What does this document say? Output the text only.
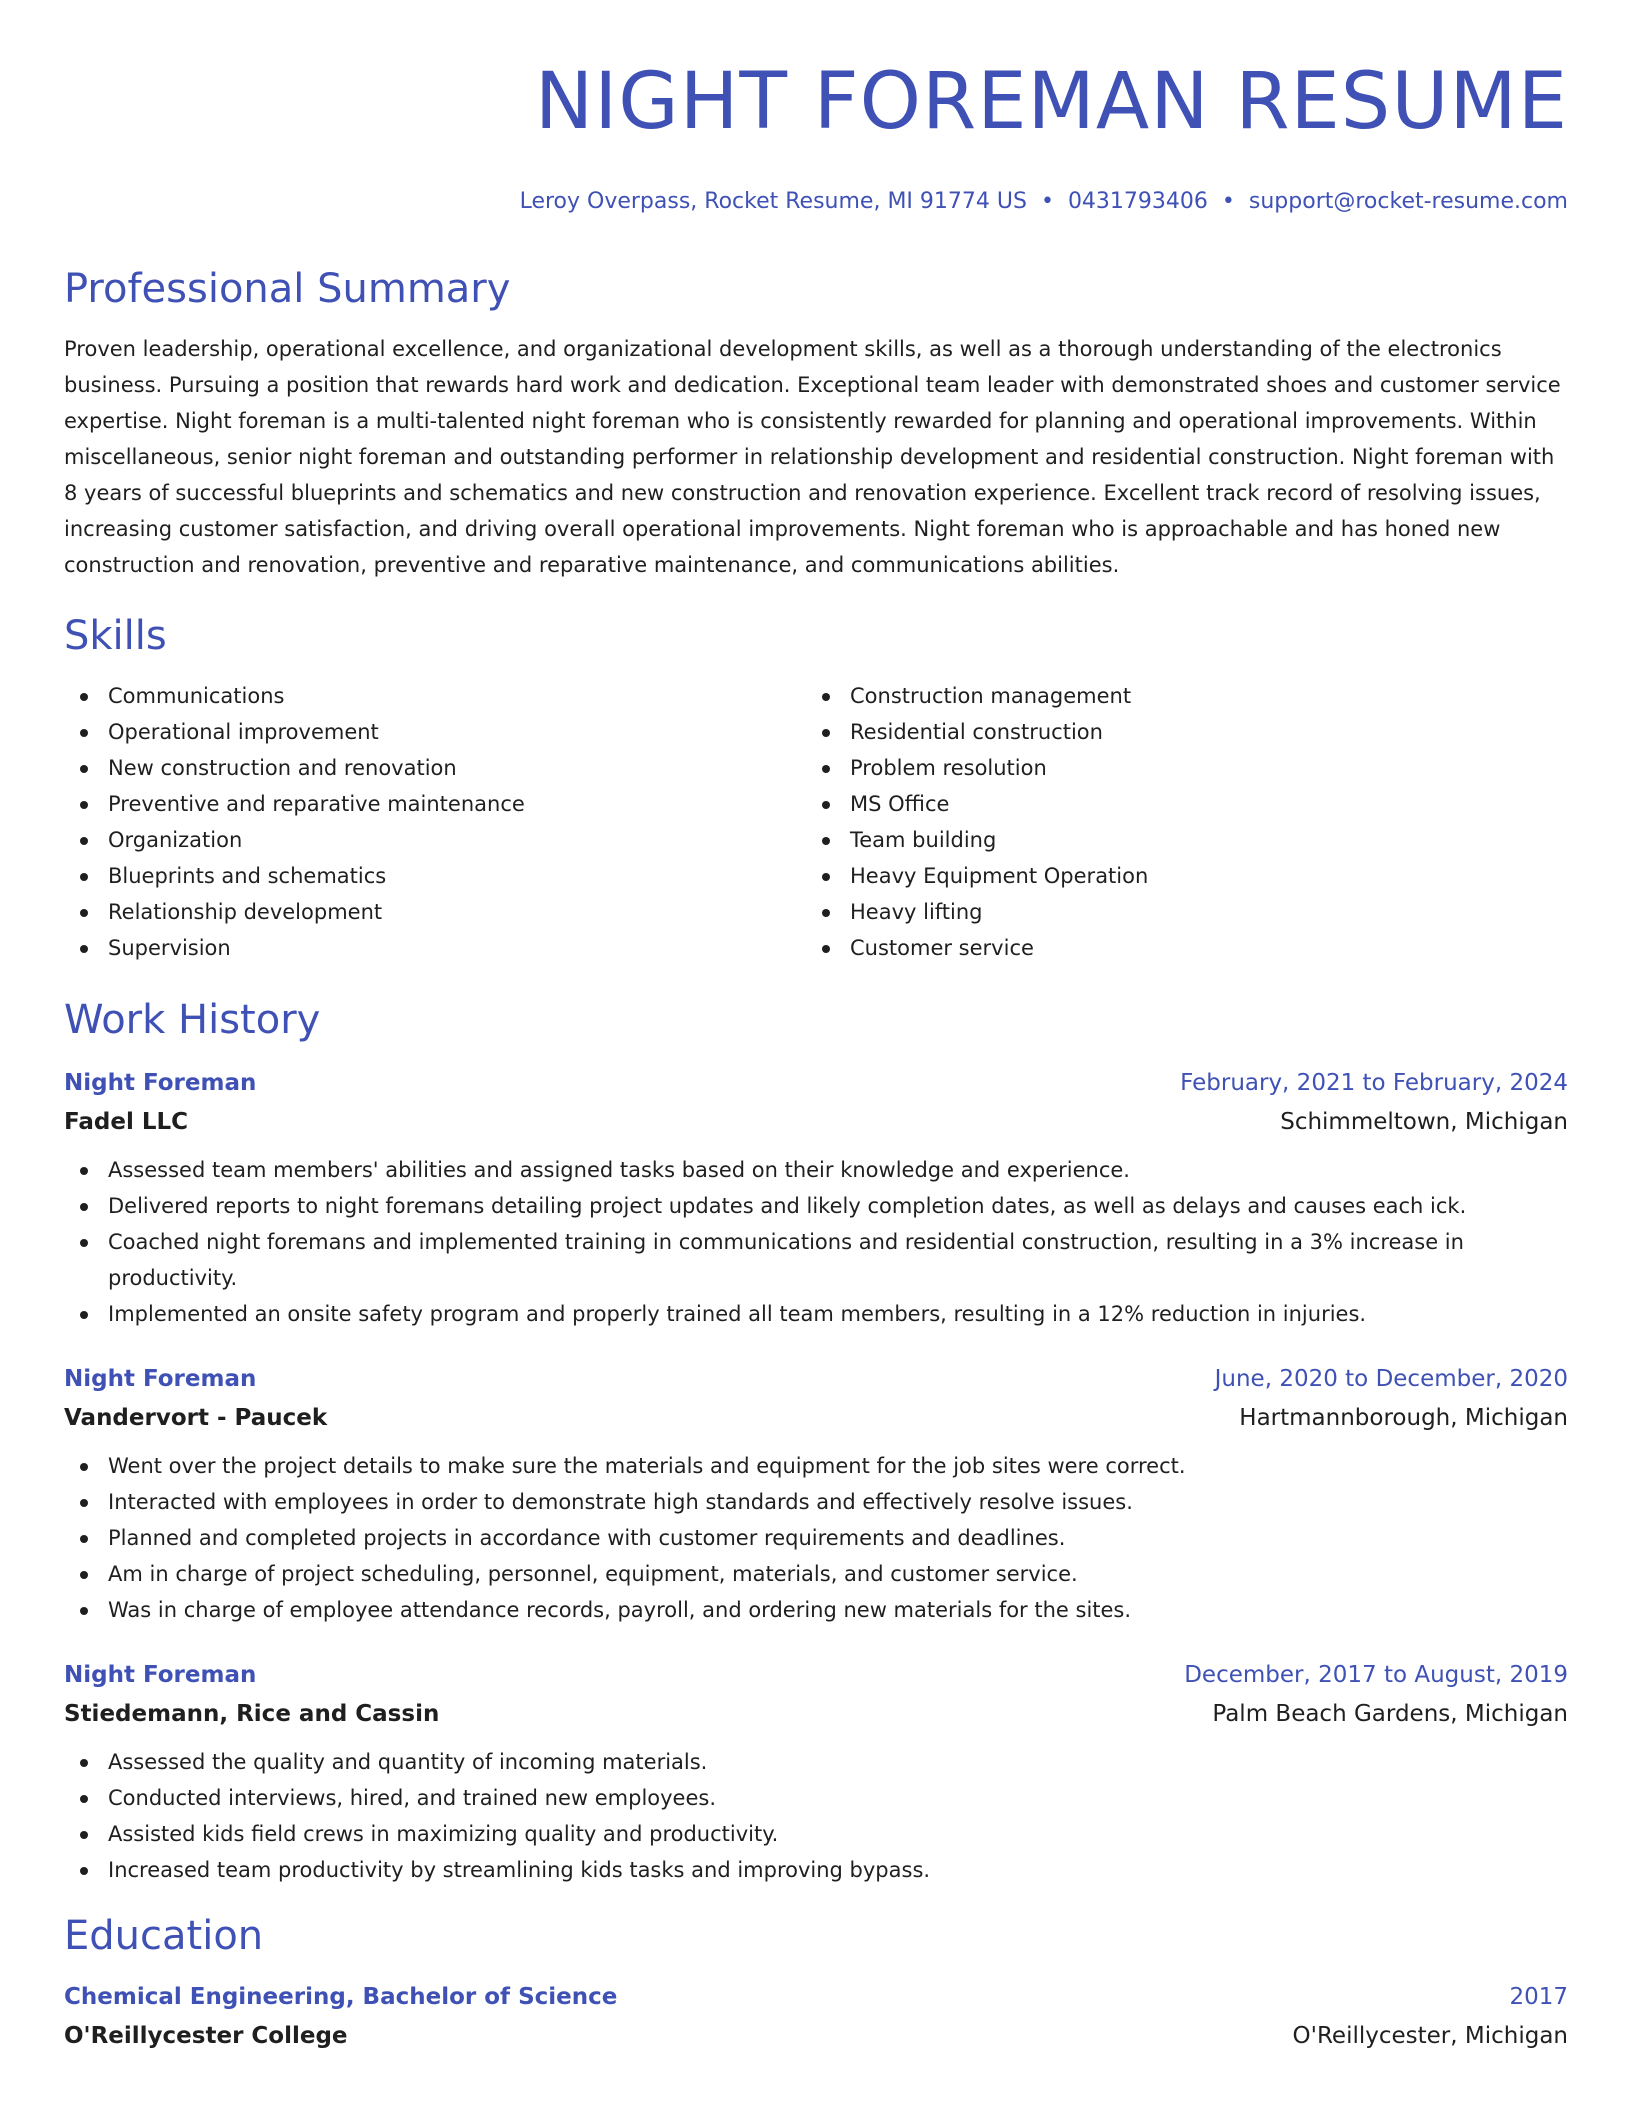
NIGHT FOREMAN RESUME
Leroy Overpass, Rocket Resume, MI 91774 US • 0431793406 • support@rocket-resume.com
Professional Summary

Proven leadership, operational excellence, and organizational development skills, as well as a thorough understanding of the electronics business. Pursuing a position that rewards hard work and dedication. Exceptional team leader with demonstrated shoes and customer service expertise. Night foreman is a multi-talented night foreman who is consistently rewarded for planning and operational improvements. Within miscellaneous, senior night foreman and outstanding performer in relationship development and residential construction. Night foreman with 8 years of successful blueprints and schematics and new construction and renovation experience. Excellent track record of resolving issues, increasing customer satisfaction, and driving overall operational improvements. Night foreman who is approachable and has honed new construction and renovation, preventive and reparative maintenance, and communications abilities.

Skills
Communications
Operational improvement
New construction and renovation
Preventive and reparative maintenance
Organization
Blueprints and schematics
Relationship development
Supervision
Construction management
Residential construction
Problem resolution
MS Office
Team building
Heavy Equipment Operation
Heavy lifting
Customer service
Work History
Night Foreman	February, 2021 to February, 2024
Fadel LLC	Schimmeltown, Michigan
Assessed team members' abilities and assigned tasks based on their knowledge and experience.
Delivered reports to night foremans detailing project updates and likely completion dates, as well as delays and causes each ick.
Coached night foremans and implemented training in communications and residential construction, resulting in a 3% increase in productivity.
Implemented an onsite safety program and properly trained all team members, resulting in a 12% reduction in injuries.
Night Foreman	June, 2020 to December, 2020
Vandervort - Paucek	Hartmannborough, Michigan
Went over the project details to make sure the materials and equipment for the job sites were correct.
Interacted with employees in order to demonstrate high standards and effectively resolve issues.
Planned and completed projects in accordance with customer requirements and deadlines.
Am in charge of project scheduling, personnel, equipment, materials, and customer service.
Was in charge of employee attendance records, payroll, and ordering new materials for the sites.
Night Foreman	December, 2017 to August, 2019
Stiedemann, Rice and Cassin	Palm Beach Gardens, Michigan
Assessed the quality and quantity of incoming materials.
Conducted interviews, hired, and trained new employees.
Assisted kids field crews in maximizing quality and productivity.
Increased team productivity by streamlining kids tasks and improving bypass.
Education
Chemical Engineering, Bachelor of Science	2017
O'Reillycester College	O'Reillycester, Michigan
